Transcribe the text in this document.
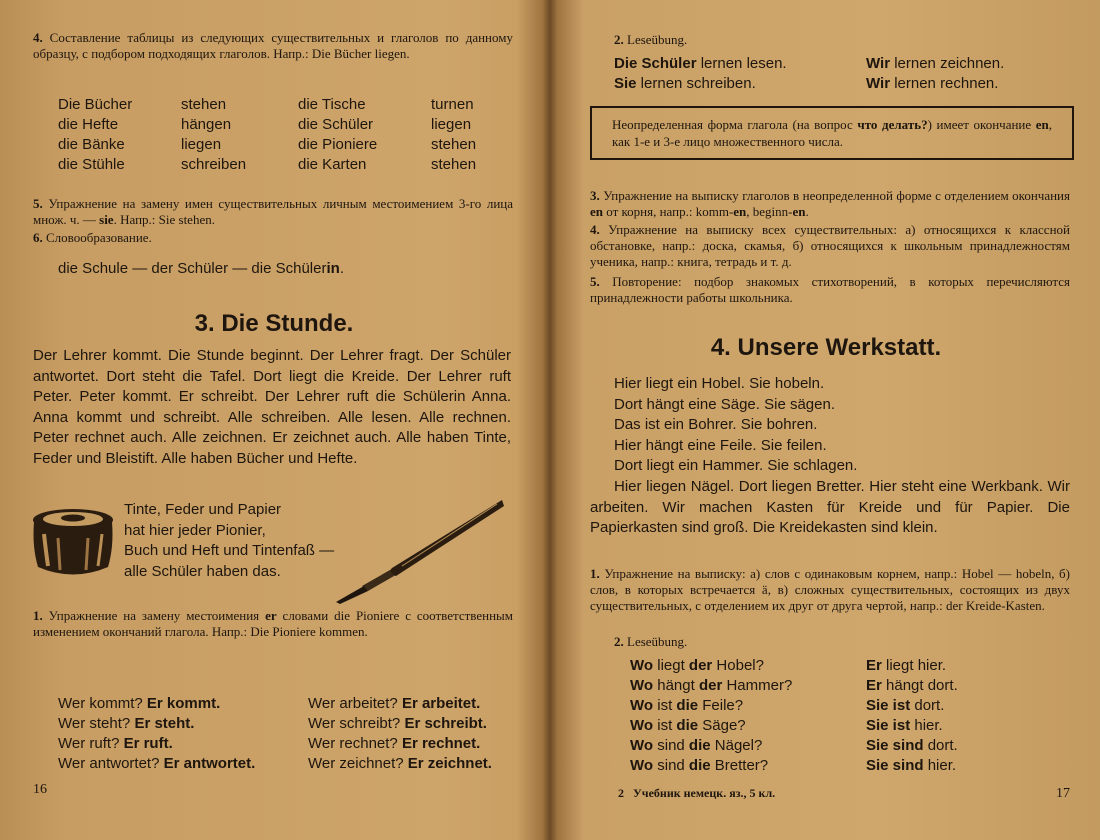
4. Составление таблицы из следующих существительных и глаголов по данному образцу, с подбором подходящих глаголов. Напр.: Die Bücher liegen.

Die Bücher	stehen	die Tische	turnen
die Hefte	hängen	die Schüler	liegen
die Bänke	liegen	die Pioniere	stehen
die Stühle	schreiben	die Karten	stehen

5. Упражнение на замену имен существительных личным местоимением 3-го лица множ. ч. — sie. Напр.: Sie stehen.

6. Словообразование.

die Schule — der Schüler — die Schülerin.

3. Die Stunde.

Der Lehrer kommt. Die Stunde beginnt. Der Lehrer fragt. Der Schüler antwortet. Dort steht die Tafel. Dort liegt die Kreide. Der Lehrer ruft Peter. Peter kommt. Er schreibt. Der Lehrer ruft die Schülerin Anna. Anna kommt und schreibt. Alle schreiben. Alle lesen. Alle rechnen. Peter rechnet auch. Alle zeichnen. Er zeichnet auch. Alle haben Tinte, Feder und Bleistift. Alle haben Bücher und Hefte.

Tinte, Feder und Papier
hat hier jeder Pionier,
Buch und Heft und Tintenfaß —
alle Schüler haben das.

1. Упражнение на замену местоимения er словами die Pioniere с соответственным изменением окончаний глагола. Напр.: Die Pioniere kommen.

Wer kommt? Er kommt.	Wer arbeitet? Er arbeitet.
Wer steht? Er steht.	Wer schreibt? Er schreibt.
Wer ruft? Er ruft.	Wer rechnet? Er rechnet.
Wer antwortet? Er antwortet.	Wer zeichnet? Er zeichnet.
16

2. Leseübung.

Die Schüler lernen lesen.	Wir lernen zeichnen.
Sie lernen schreiben.	Wir lernen rechnen.
Неопределенная форма глагола (на вопрос что делать?) имеет окончание en, как 1-е и 3-е лицо множественного числа.

3. Упражнение на выписку глаголов в неопределенной форме с отделением окончания en от корня, напр.: komm-en, beginn-en.

4. Упражнение на выписку всех существительных: а) относящихся к классной обстановке, напр.: доска, скамья, б) относящихся к школьным принадлежностям ученика, напр.: книга, тетрадь и т. д.

5. Повторение: подбор знакомых стихотворений, в которых перечисляются принадлежности работы школьника.

4. Unsere Werkstatt.
Hier liegt ein Hobel. Sie hobeln.
Dort hängt eine Säge. Sie sägen.
Das ist ein Bohrer. Sie bohren.
Hier hängt eine Feile. Sie feilen.
Dort liegt ein Hammer. Sie schlagen.

Hier liegen Nägel. Dort liegen Bretter. Hier steht eine Werkbank. Wir arbeiten. Wir machen Kasten für Kreide und für Papier. Die Papierkasten sind groß. Die Kreidekasten sind klein.

1. Упражнение на выписку: а) слов с одинаковым корнем, напр.: Hobel — hobeln, б) слов, в которых встречается ä, в) сложных существительных, состоящих из двух существительных, с отделением их друг от друга чертой, напр.: der Kreide-Kasten.

2. Leseübung.

Wo liegt der Hobel?	Er liegt hier.
Wo hängt der Hammer?	Er hängt dort.
Wo ist die Feile?	Sie ist dort.
Wo ist die Säge?	Sie ist hier.
Wo sind die Nägel?	Sie sind dort.
Wo sind die Bretter?	Sie sind hier.
2   Учебник немецк. яз., 5 кл.	17
